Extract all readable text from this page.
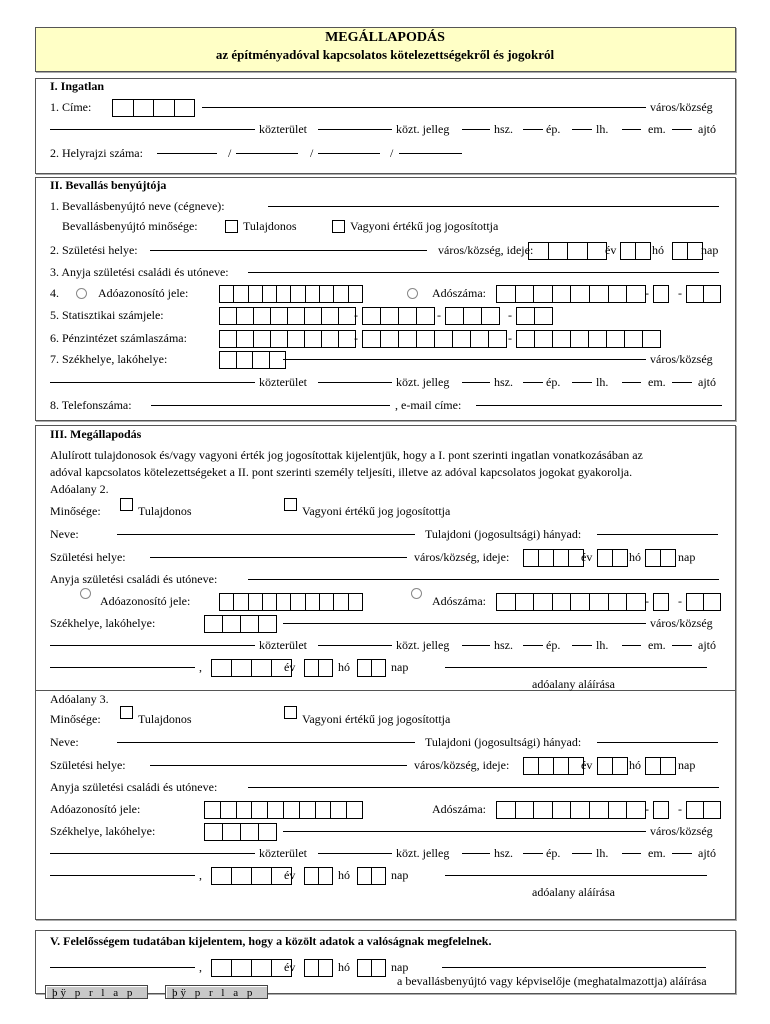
MEGÁLLAPODÁS
az építményadóval kapcsolatos kötelezettségekről és jogokról
þÿ p r l a p	þÿ p r l a p
I. Ingatlan
1. Címe:	város/község
közterület	közt. jelleg	hsz.	ép.	lh.	em.	ajtó
2. Helyrajzi száma:	/	/	/
II. Bevallás benyújtója
1. Bevallásbenyújtó neve (cégneve):
Bevallásbenyújtó minősége:	Tulajdonos	Vagyoni értékű jog jogosítottja
2. Születési helye:	város/község, ideje:	év	hó	nap
3. Anyja születési családi és utóneve:
4.	Adóazonosító jele:	Adószáma:	- -
5. Statisztikai számjele:	-	-	-
6. Pénzintézet számlaszáma:	-	-
7. Székhelye, lakóhelye:	város/község
közterület	közt. jelleg	hsz.	ép.	lh.	em.	ajtó
8. Telefonszáma:	, e-mail címe:
III. Megállapodás
Alulírott tulajdonosok és/vagy vagyoni érték jog jogosítottak kijelentjük, hogy a I. pont szerinti ingatlan vonatkozásában az
adóval kapcsolatos kötelezettségeket a II. pont szerinti személy teljesíti, illetve az adóval kapcsolatos jogokat gyakorolja.
Adóalany 2.
Tulajdonos	Vagyoni értékű jog jogosítottja
Minősége:
Neve:	Tulajdoni (jogosultsági) hányad:
Születési helye:	város/község, ideje:	év	hó	nap
Anyja születési családi és utóneve:
Adóazonosító jele:	Adószáma:	- -
Székhelye, lakóhelye:	város/község
közterület	közt. jelleg	hsz.	ép.	lh.	em.	ajtó
,	év	hó	nap
adóalany aláírása
Adóalany 3.
Tulajdonos	Vagyoni értékű jog jogosítottja
Minősége:
Neve:	Tulajdoni (jogosultsági) hányad:
Születési helye:	város/község, ideje:	év	hó	nap
Anyja születési családi és utóneve:
Adóazonosító jele:	Adószáma:	- -
Székhelye, lakóhelye:	város/község
közterület	közt. jelleg	hsz.	ép.	lh.	em.	ajtó
,	év	hó	nap
adóalany aláírása
V. Felelősségem tudatában kijelentem, hogy a közölt adatok a valóságnak megfelelnek.
,	év	hó	nap
a bevallásbenyújtó vagy képviselője (meghatalmazottja) aláírása
